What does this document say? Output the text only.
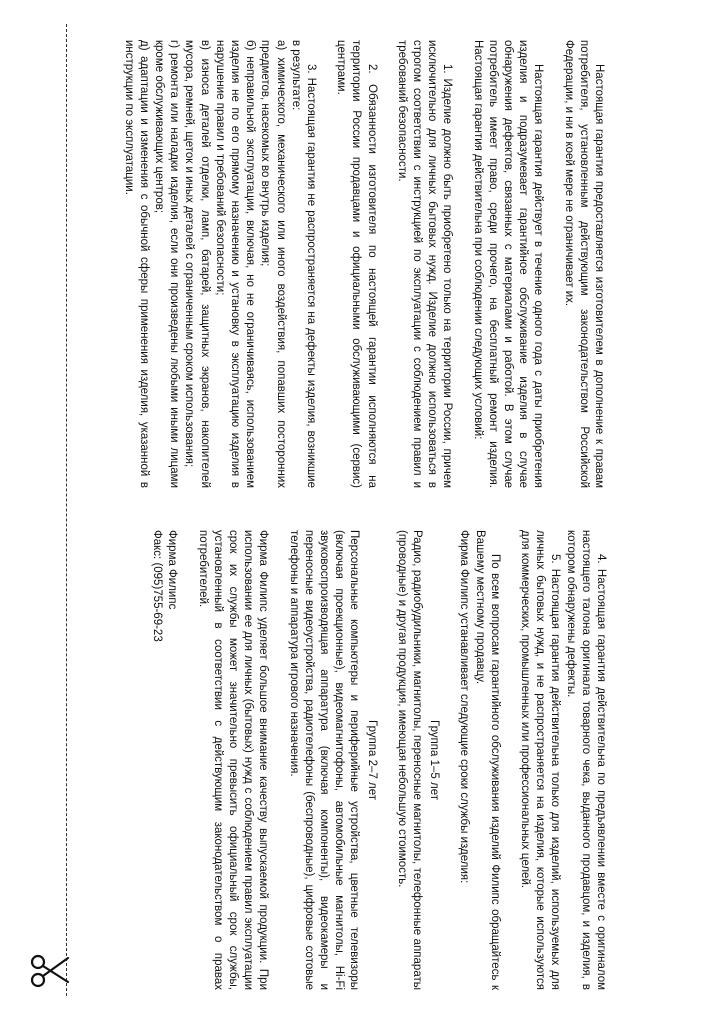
Настоящая гарантия предоставляется изготовителем в дополнение к правам потребителя, установленным действующим законодательством Российской Федерации, и ни в коей мере не ограничивает их.

Настоящая гарантия действует в течение одного года с даты приобретения изделия и подразумевает гарантийное обслуживание изделия в случае обнаружения дефектов, связанных с материалами и работой. В этом случае потребитель имеет право, среди прочего, на бесплатный ремонт изделия. Настоящая гарантия действительна при соблюдении следующих условий:

1. Изделие должно быть приобретено только на территории России, причем исключительно для личных бытовых нужд. Изделие должно использоваться в строгом соответствии с инструкцией по эксплуатации с соблюдением правил и требований безопасности.

2. Обязанности изготовителя по настоящей гарантии исполняются на территории России продавцами и официальными обслуживающими (сервис) центрами.

3. Настоящая гарантия не распространяется на дефекты изделия, возникшие в результате:

а) химического, механического или иного воздействия, попавших посторонних предметов, насекомых во внутрь изделия;

б) неправильной эксплуатации, включая, но не ограничиваясь, использованием изделия не по его прямому назначению и установку в эксплуатацию изделия в нарушение правил и требований безопасности;

в) износа деталей отделки, ламп, батарей, защитных экранов, накопителей мусора, ремней, щеток и иных деталей с ограниченным сроком использования;

г) ремонта или наладки изделия, если они произведены любыми иными лицами кроме обслуживающих центров;

д) адаптации и изменения с обычной сферы применения изделия, указанной в инструкции по эксплуатации.

4. Настоящая гарантия действительна по предъявлении вместе с оригиналом настоящего талона оригинала товарного чека, выданного продавцом, и изделия, в котором обнаружены дефекты.

5. Настоящая гарантия действительна только для изделий, используемых для личных бытовых нужд, и не распространяется на изделия, которые используются для коммерческих, промышленных или профессиональных целей.

По всем вопросам гарантийного обслуживания изделий Филипс обращайтесь к Вашему местному продавцу.

Фирма Филипс устанавливает следующие сроки службы изделия:

Группа 1–5 лет

Радио, радиобудильники, магнитолы, переносные магнитолы, телефонные аппараты (проводные) и другая продукция, имеющая небольшую стоимость.

Группа 2–7 лет

Персональные компьютеры и периферийные устройства, цветные телевизоры (включая проекционные), видеомагнитофоны, автомобильные магнитолы, Hi-Fi звуковоспроизводящая аппаратура (включая компоненты), видеокамеры и переносные видеоустройства, радиотелефоны (беспроводные), цифровые сотовые телефоны и аппаратура игрового назначения.

Фирма Филипс уделяет большое внимание качеству выпускаемой продукции. При использовании ее для личных (бытовых) нужд с соблюдением правил эксплуатации срок их службы может значительно превысить официальный срок службы, установленный в соответствии с действующим законодательством о правах потребителей.

Фирма Филипс

Факс: (095)755-69-23
